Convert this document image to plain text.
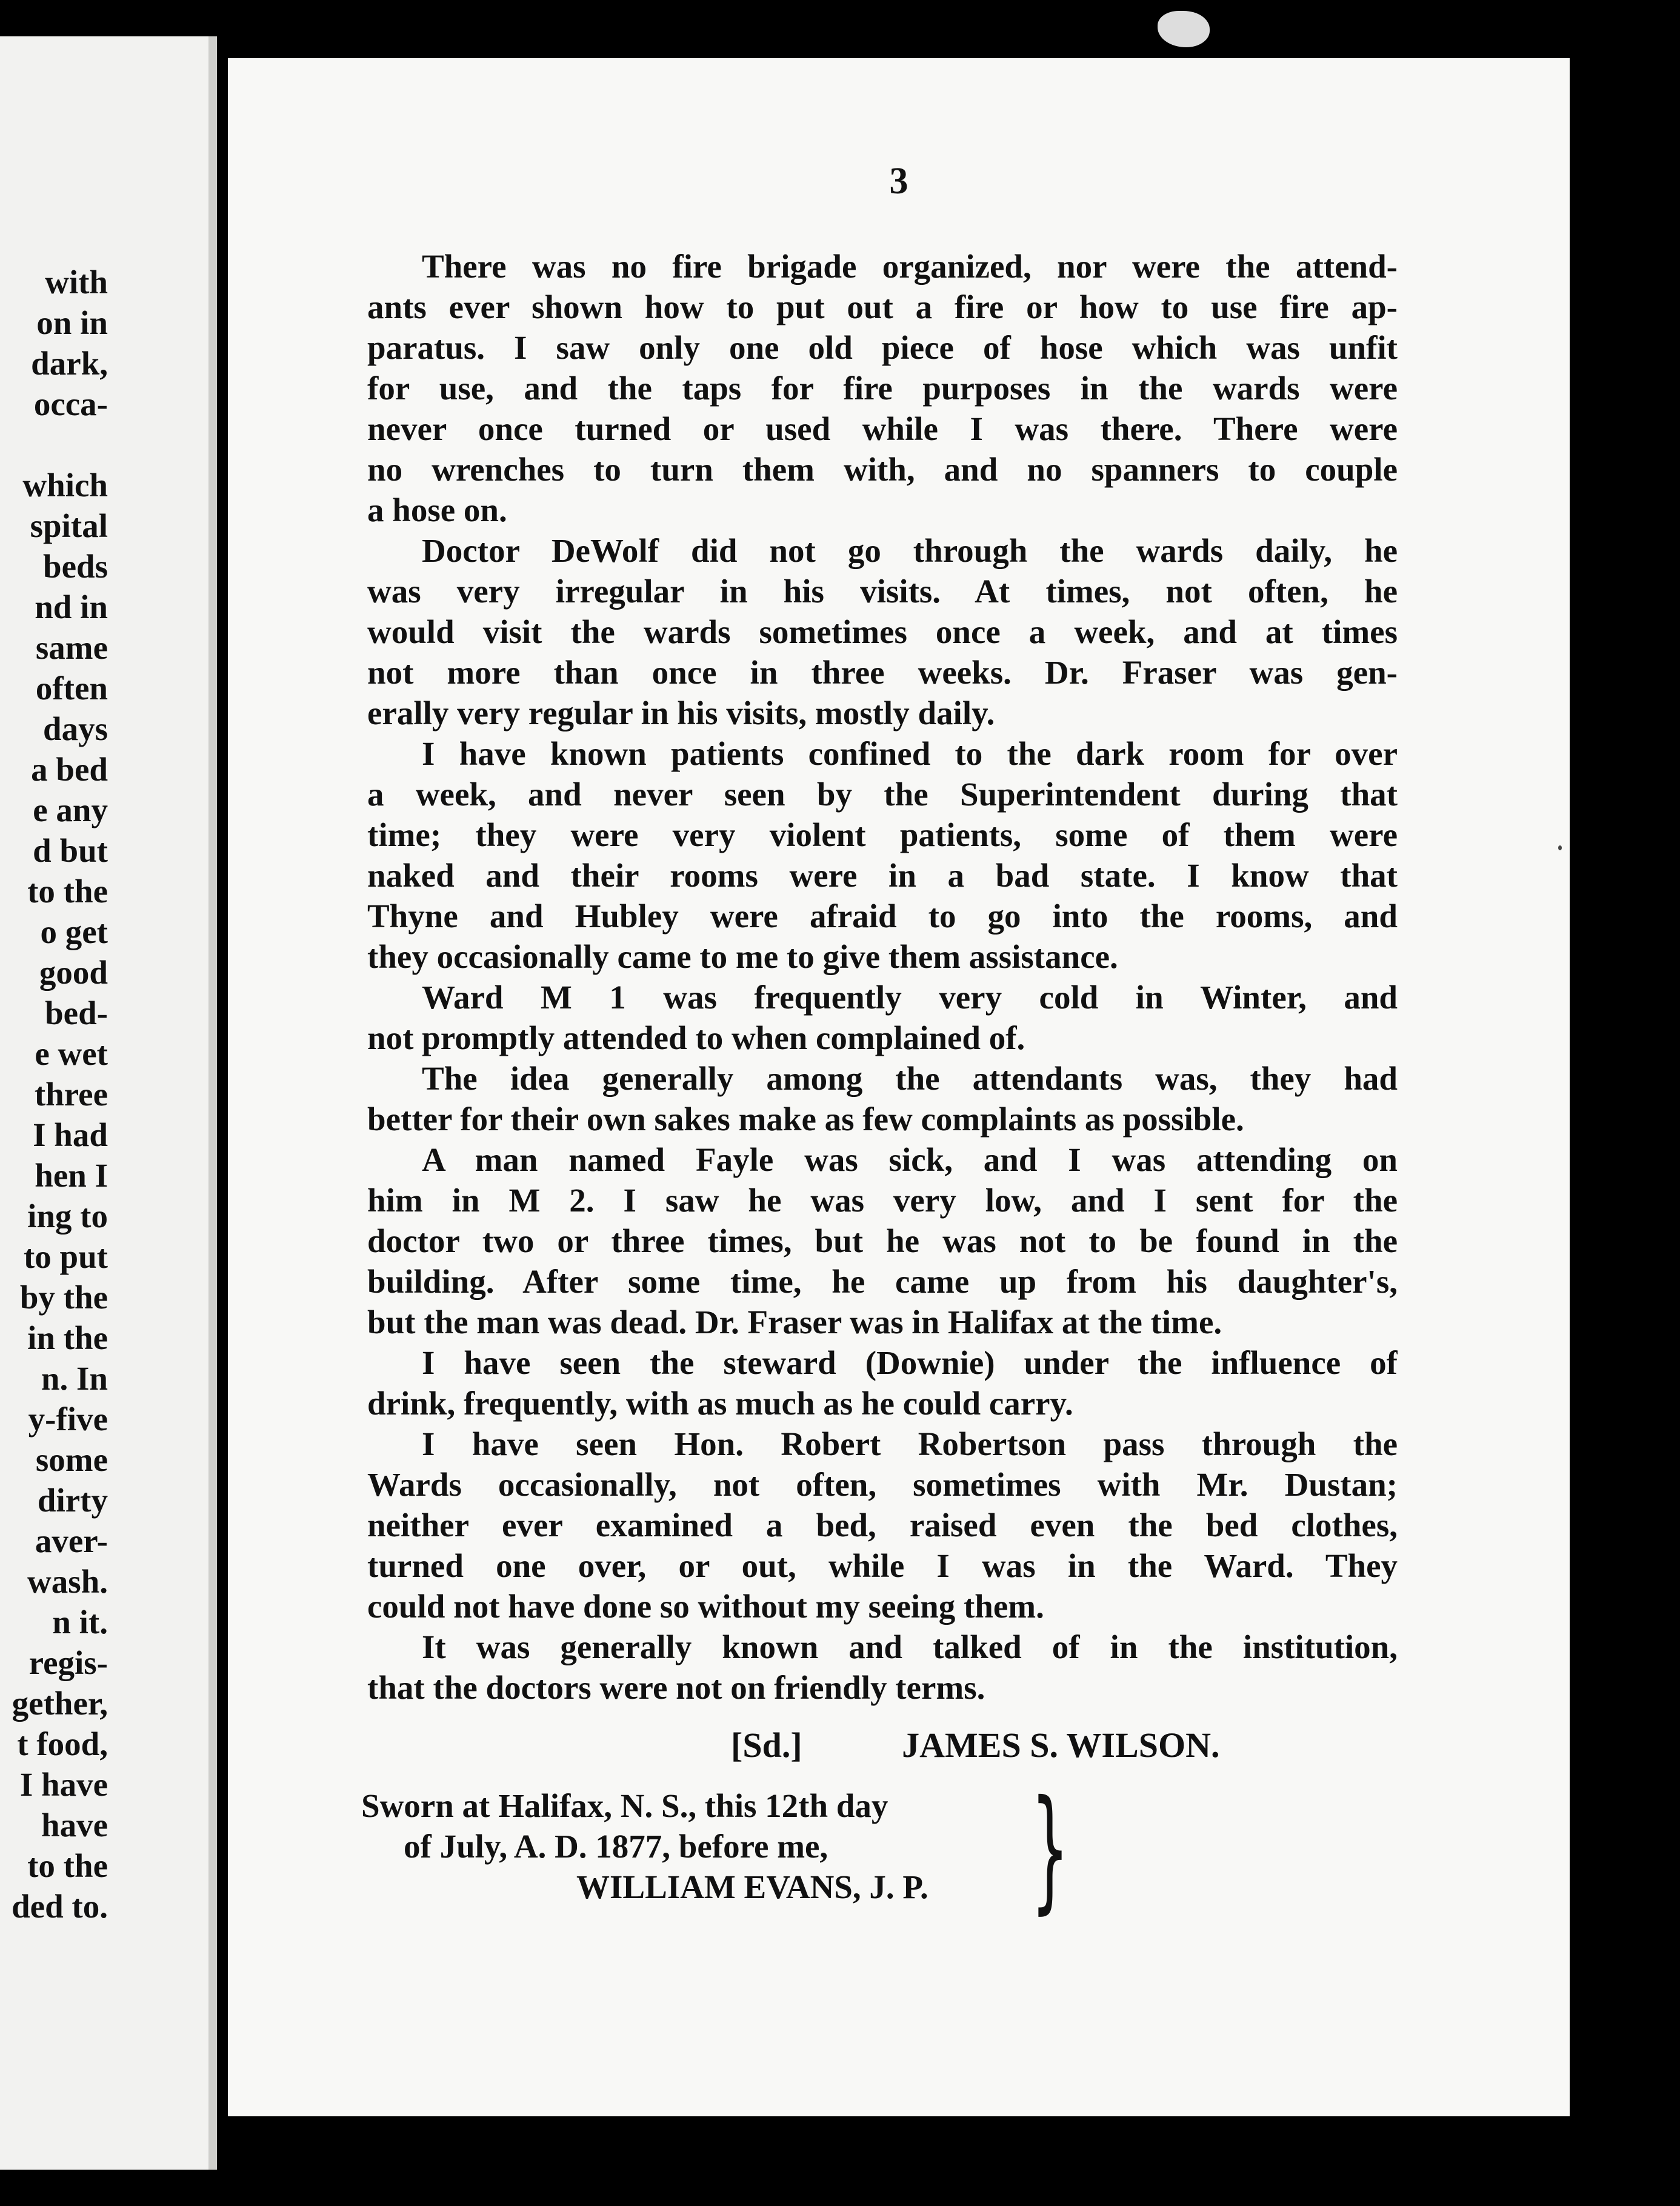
with
on in
dark,
occa-
which
spital
beds
nd in
same
often
days
a bed
e any
d but
to the
o get
good
bed-
e wet
three
I had
hen I
ing to
to put
by the
in the
n. In
y-five
some
dirty
aver-
wash.
n it.
regis-
gether,
t food,
I have
have
to the
ded to.
3
There was no fire brigade organized, nor were the attend-
ants ever shown how to put out a fire or how to use fire ap-
paratus. I saw only one old piece of hose which was unfit
for use, and the taps for fire purposes in the wards were
never once turned or used while I was there. There were
no wrenches to turn them with, and no spanners to couple
a hose on.
Doctor DeWolf did not go through the wards daily, he
was very irregular in his visits. At times, not often, he
would visit the wards sometimes once a week, and at times
not more than once in three weeks. Dr. Fraser was gen-
erally very regular in his visits, mostly daily.
I have known patients confined to the dark room for over
a week, and never seen by the Superintendent during that
time; they were very violent patients, some of them were
naked and their rooms were in a bad state. I know that
Thyne and Hubley were afraid to go into the rooms, and
they occasionally came to me to give them assistance.
Ward M 1 was frequently very cold in Winter, and
not promptly attended to when complained of.
The idea generally among the attendants was, they had
better for their own sakes make as few complaints as possible.
A man named Fayle was sick, and I was attending on
him in M 2. I saw he was very low, and I sent for the
doctor two or three times, but he was not to be found in the
building. After some time, he came up from his daughter's,
but the man was dead. Dr. Fraser was in Halifax at the time.
I have seen the steward (Downie) under the influence of
drink, frequently, with as much as he could carry.
I have seen Hon. Robert Robertson pass through the
Wards occasionally, not often, sometimes with Mr. Dustan;
neither ever examined a bed, raised even the bed clothes,
turned one over, or out, while I was in the Ward. They
could not have done so without my seeing them.
It was generally known and talked of in the institution,
that the doctors were not on friendly terms.
[Sd.]	JAMES S. WILSON.
Sworn at Halifax, N. S., this 12th day
of July, A. D. 1877, before me,
WILLIAM EVANS, J. P. }
